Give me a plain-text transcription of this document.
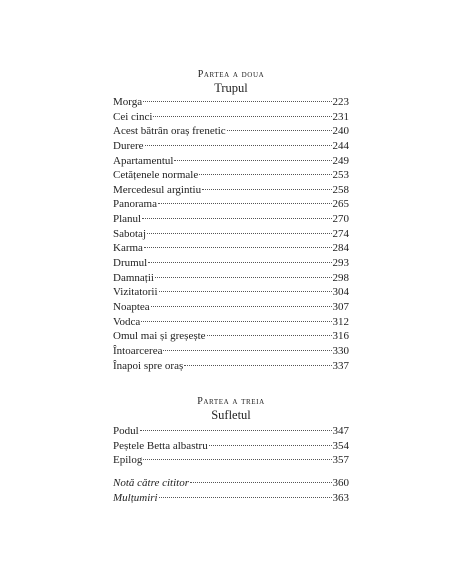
Partea a doua

Trupul

Morga	223
Cei cinci	231
Acest bătrân oraș frenetic	240
Durere	244
Apartamentul	249
Cetățenele normale	253
Mercedesul argintiu	258
Panorama	265
Planul	270
Sabotaj	274
Karma	284
Drumul	293
Damnații	298
Vizitatorii	304
Noaptea	307
Vodca	312
Omul mai și greșește	316
Întoarcerea	330
Înapoi spre oraș	337

Partea a treia

Sufletul

Podul	347
Peștele Betta albastru	354
Epilog	357
Notă către cititor	360
Mulțumiri	363
